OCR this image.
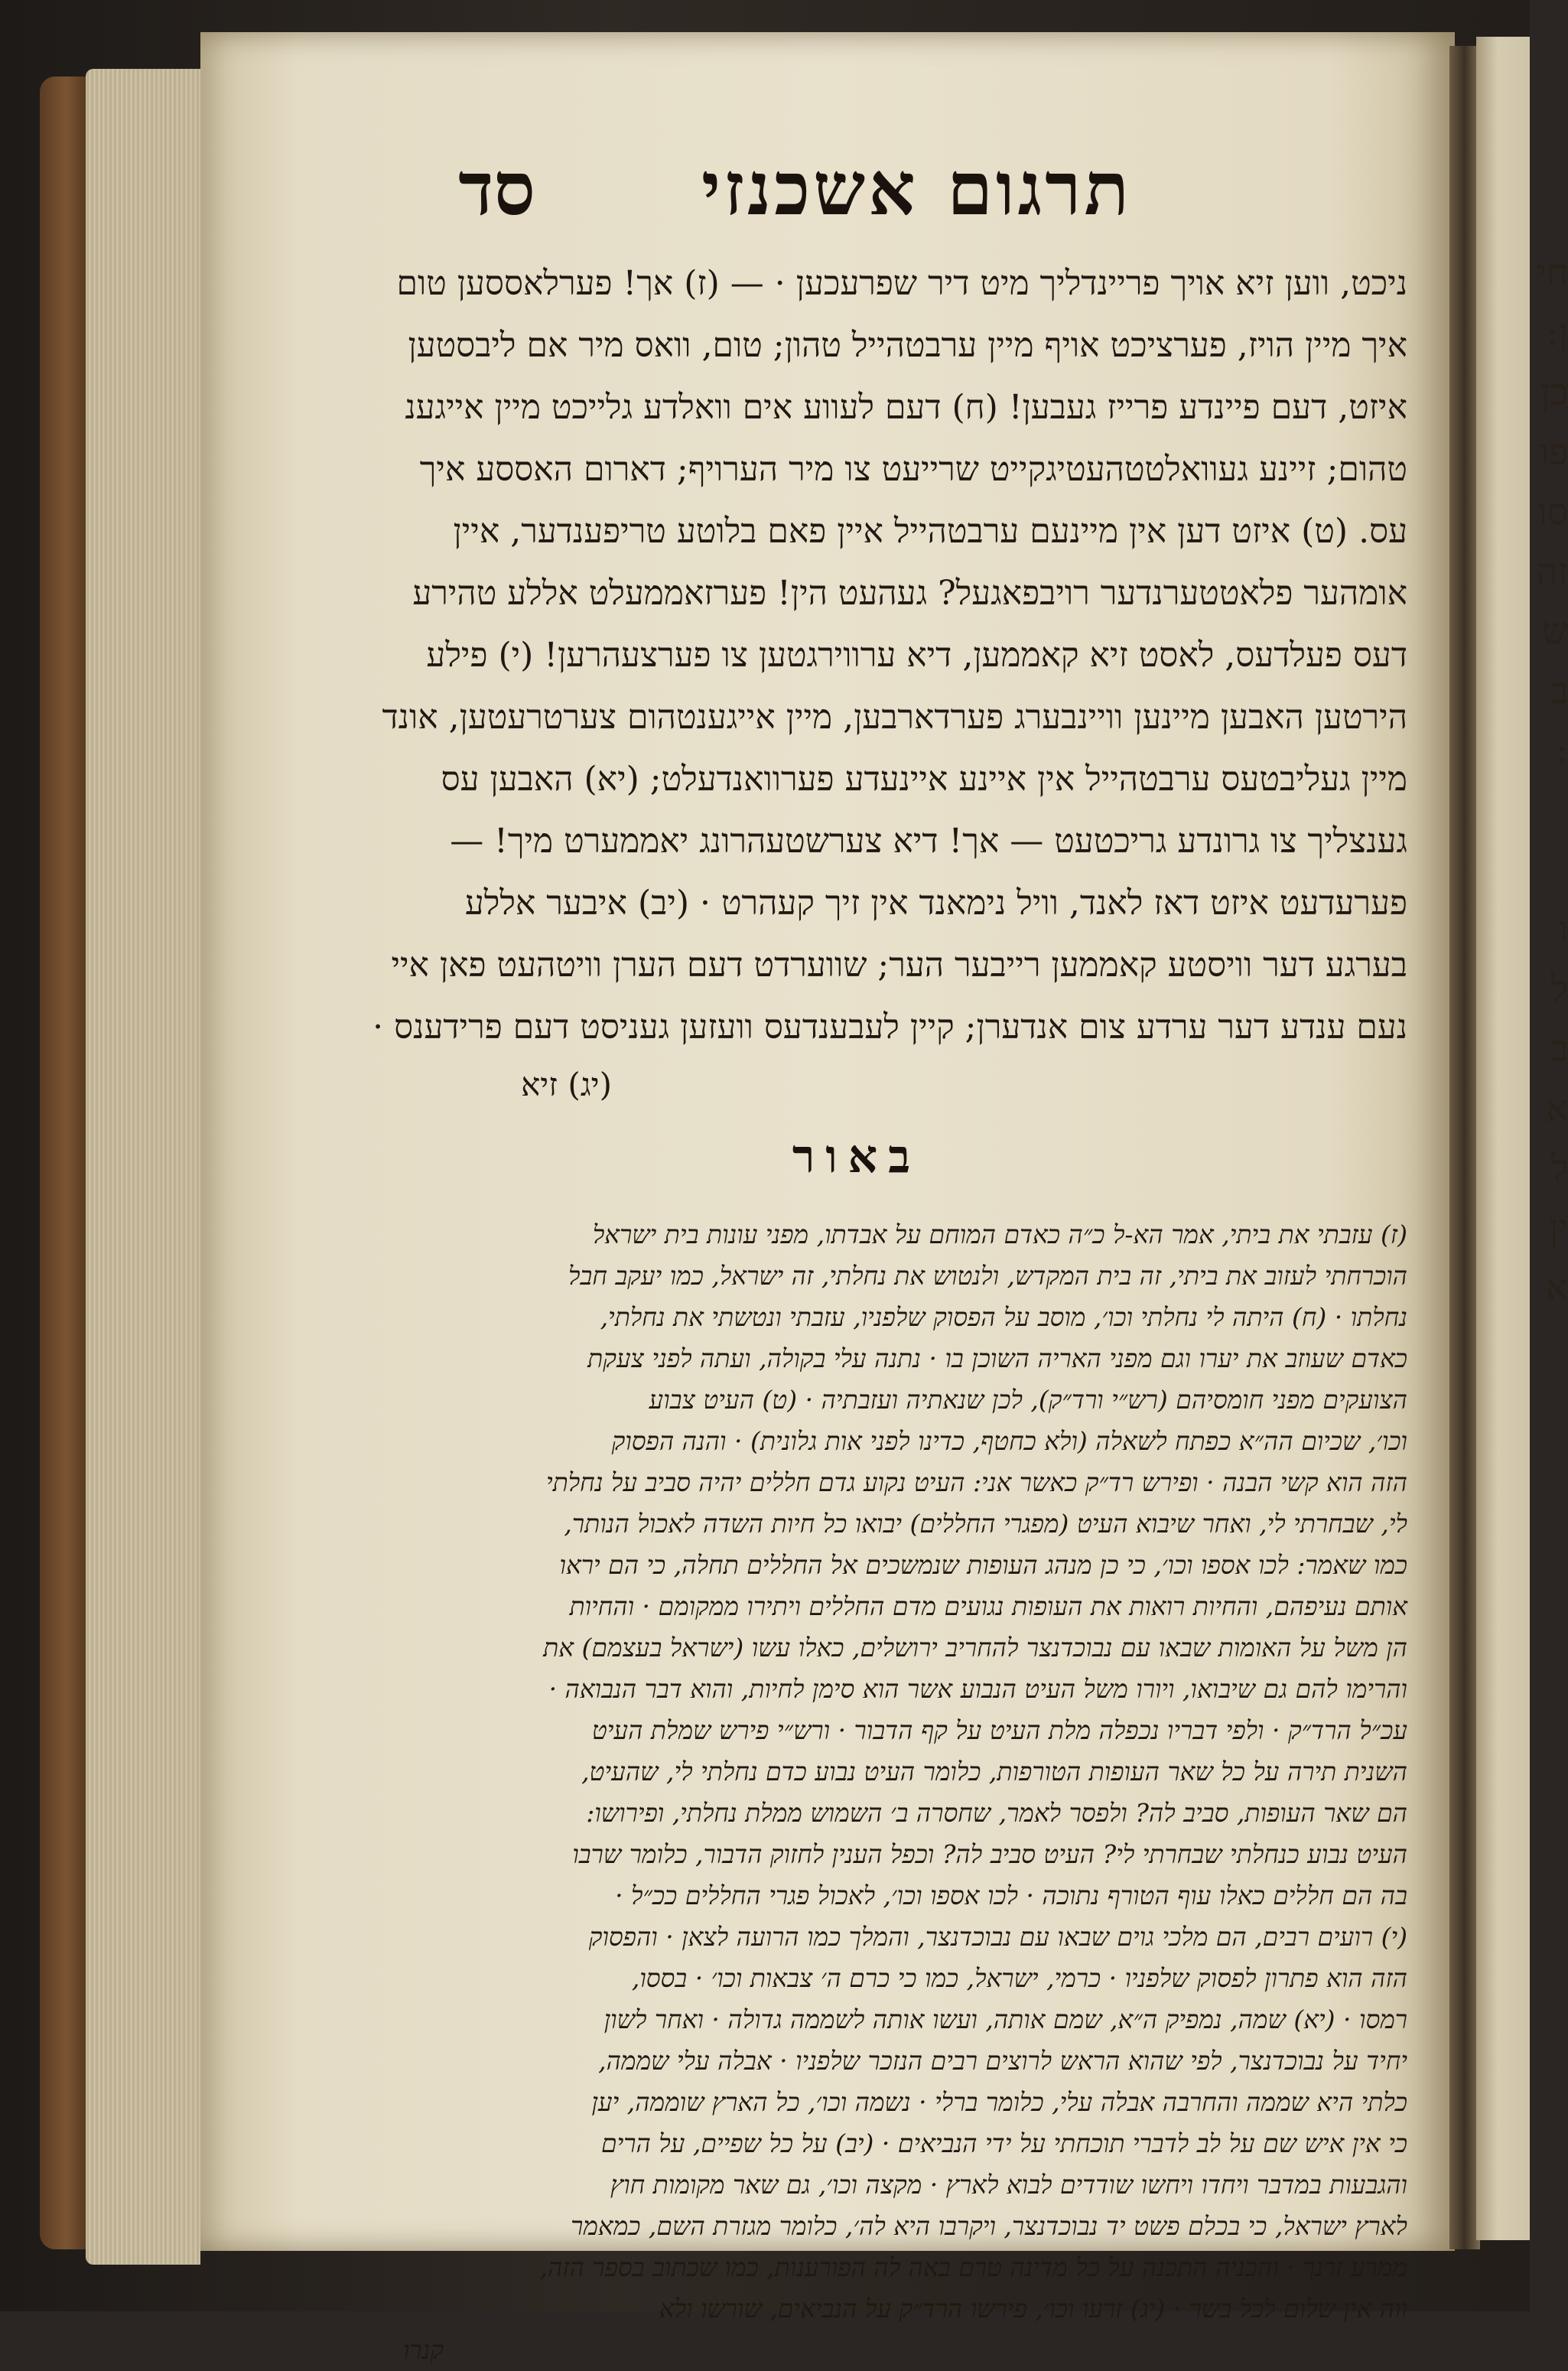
חי
ן:
כן
פו
סו
זה
ש
ב
:
ו
ל
ב
א
ל
ין
א
תרגום אשכנזי
סד
ניכט, ווען זיא אויך פריינדליך מיט דיר שפרעכען · — (ז) אך! פערלאססען טום
איך מיין הויז, פערציכט אויף מיין ערבטהייל טהון; טום, וואס מיר אם ליבסטען
איזט, דעם פיינדע פרייז געבען! (ח) דעם לעווע אים וואלדע גלייכט מיין אייגענ
טהום; זיינע געוואלטטהעטיגקייט שרייעט צו מיר הערויף; דארום האססע איך
עס. (ט) איזט דען אין מיינעם ערבטהייל איין פאם בלוטע טריפענדער, איין
אומהער פלאטטערנדער רויבפאגעל? געהעט הין! פערזאממעלט אללע טהירע
דעס פעלדעס, לאסט זיא קאממען, דיא ערווירגטען צו פערצעהרען! (י) פילע
הירטען האבען מיינען וויינבערג פערדארבען, מיין אייגענטהום צערטרעטען, אונד
מיין געליבטעס ערבטהייל אין איינע איינעדע פערוואנדעלט; (יא) האבען עס
גענצליך צו גרונדע גריכטעט — אך! דיא צערשטעהרונג יאממערט מיך! —
פערעדעט איזט דאז לאנד, וויל נימאנד אין זיך קעהרט · (יב) איבער אללע
בערגע דער וויסטע קאממען רייבער הער; שווערדט דעם הערן וויטהעט פאן איי
נעם ענדע דער ערדע צום אנדערן; קיין לעבענדעס וועזען געניסט דעם פרידענס ·
(יג) זיא
באור
(ז) עזבתי את ביתי, אמר הא-ל כ״ה כאדם המוחם על אבדתו, מפני עונות בית ישראל
הוכרחתי לעזוב את ביתי, זה בית המקדש, ולנטוש את נחלתי, זה ישראל, כמו יעקב חבל
נחלתו · (ח) היתה לי נחלתי וכו׳, מוסב על הפסוק שלפניו, עזבתי ונטשתי את נחלתי,
כאדם שעוזב את יערו וגם מפני האריה השוכן בו · נתנה עלי בקולה, ועתה לפני צעקת
הצועקים מפני חומסיהם (רש״י ורד״ק), לכן שנאתיה ועזבתיה · (ט) העיט צבוע
וכו׳, שכיום הה״א כפתח לשאלה (ולא כחטף, כדינו לפני אות גלונית) · והנה הפסוק
הזה הוא קשי הבנה · ופירש רד״ק כאשר אני: העיט נקוע גדם חללים יהיה סביב על נחלתי
לי, שבחרתי לי, ואחר שיבוא העיט (מפגרי החללים) יבואו כל חיות השדה לאכול הנותר,
כמו שאמר: לכו אספו וכו׳, כי כן מנהג העופות שנמשכים אל החללים תחלה, כי הם יראו
אותם נעיפהם, והחיות רואות את העופות נגועים מדם החללים ויתירו ממקומם · והחיות
הן משל על האומות שבאו עם נבוכדנצר להחריב ירושלים, כאלו עשו (ישראל בעצמם) את
והרימו להם גם שיבואו, ויורו משל העיט הנבוע אשר הוא סימן לחיות, והוא דבר הנבואה ·
עכ״ל הרד״ק · ולפי דבריו נכפלה מלת העיט על קף הדבור · ורש״י פירש שמלת העיט
השנית תירה על כל שאר העופות הטורפות, כלומר העיט נבוע כדם נחלתי לי, שהעיט,
הם שאר העופות, סביב לה? ולפסר לאמר, שחסרה ב׳ השמוש ממלת נחלתי, ופירושו:
העיט נבוע כנחלתי שבחרתי לי? העיט סביב לה? וכפל הענין לחזוק הדבור, כלומר שרבו
בה הם חללים כאלו עוף הטורף נתוכה · לכו אספו וכו׳, לאכול פגרי החללים ככ״ל ·
(י) רועים רבים, הם מלכי גוים שבאו עם נבוכדנצר, והמלך כמו הרועה לצאן · והפסוק
הזה הוא פתרון לפסוק שלפניו · כרמי, ישראל, כמו כי כרם ה׳ צבאות וכו׳ · בססו,
רמסו · (יא) שמה, נמפיק ה״א, שמם אותה, ועשו אותה לשממה גדולה · ואחר לשון
יחיד על נבוכדנצר, לפי שהוא הראש לרוצים רבים הנזכר שלפניו · אבלה עלי שממה,
כלתי היא שממה והחרבה אבלה עלי, כלומר ברלי · נשמה וכו׳, כל הארץ שוממה, יען
כי אין איש שם על לב לדברי תוכחתי על ידי הנביאים · (יב) על כל שפיים, על הרים
והגבעות במדבר ויחדו ויחשו שודדים לבוא לארץ · מקצה וכו׳, גם שאר מקומות חוץ
לארץ ישראל, כי בכלם פשט יד נבוכדנצר, ויקרבו היא לה׳, כלומר מגזרת השם, כמאמר
ממרע זרנך · והכניה התכנה על כל מדינה טרם באה לה הפורענות, כמו שכתוב בספר הזה,
ווה אין שלום לכל בשר · (יג) זרעו וכו׳, פירשו הרד״ק על הנביאים, שורשו ולא
קנרו
